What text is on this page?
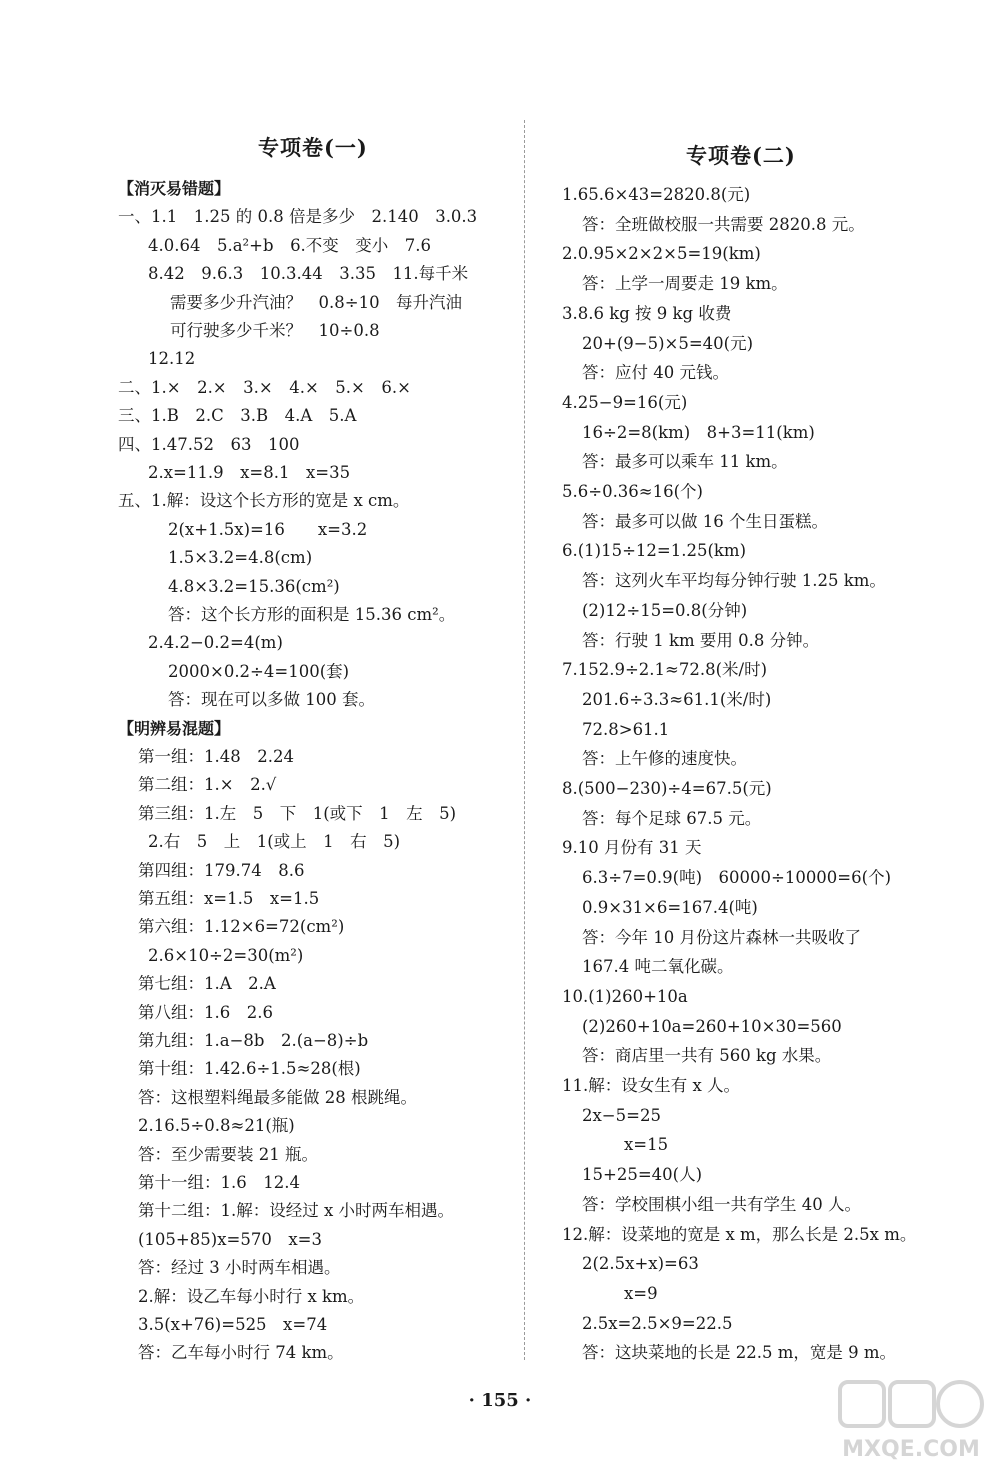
专项卷(一)
【消灭易错题】
一、1.1　1.25 的 0.8 倍是多少　2.140　3.0.3
4.0.64　5.a²+b　6.不变　变小　7.6
8.42　9.6.3　10.3.44　3.35　11.每千米
需要多少升汽油？　0.8÷10　每升汽油
可行驶多少千米？　10÷0.8
12.12
二、1.×　2.×　3.×　4.×　5.×　6.×
三、1.B　2.C　3.B　4.A　5.A
四、1.47.52　63　100
2.x=11.9　x=8.1　x=35
五、1.解：设这个长方形的宽是 x cm。
2(x+1.5x)=16　　x=3.2
1.5×3.2=4.8(cm)
4.8×3.2=15.36(cm²)
答：这个长方形的面积是 15.36 cm²。
2.4.2−0.2=4(m)
2000×0.2÷4=100(套)
答：现在可以多做 100 套。
【明辨易混题】
第一组：1.48　2.24
第二组：1.×　2.√
第三组：1.左　5　下　1(或下　1　左　5)
2.右　5　上　1(或上　1　右　5)
第四组：179.74　8.6
第五组：x=1.5　x=1.5
第六组：1.12×6=72(cm²)
2.6×10÷2=30(m²)
第七组：1.A　2.A
第八组：1.6　2.6
第九组：1.a−8b　2.(a−8)÷b
第十组：1.42.6÷1.5≈28(根)
答：这根塑料绳最多能做 28 根跳绳。
2.16.5÷0.8≈21(瓶)
答：至少需要装 21 瓶。
第十一组：1.6　12.4̇
第十二组：1.解：设经过 x 小时两车相遇。
(105+85)x=570　x=3
答：经过 3 小时两车相遇。
2.解：设乙车每小时行 x km。
3.5(x+76)=525　x=74
答：乙车每小时行 74 km。
专项卷(二)
1.65.6×43=2820.8(元)
答：全班做校服一共需要 2820.8 元。
2.0.95×2×2×5=19(km)
答：上学一周要走 19 km。
3.8.6 kg 按 9 kg 收费
20+(9−5)×5=40(元)
答：应付 40 元钱。
4.25−9=16(元)
16÷2=8(km)　8+3=11(km)
答：最多可以乘车 11 km。
5.6÷0.36≈16(个)
答：最多可以做 16 个生日蛋糕。
6.(1)15÷12=1.25(km)
答：这列火车平均每分钟行驶 1.25 km。
(2)12÷15=0.8(分钟)
答：行驶 1 km 要用 0.8 分钟。
7.152.9÷2.1≈72.8(米/时)
201.6÷3.3≈61.1(米/时)
72.8>61.1
答：上午修的速度快。
8.(500−230)÷4=67.5(元)
答：每个足球 67.5 元。
9.10 月份有 31 天
6.3÷7=0.9(吨)　60000÷10000=6(个)
0.9×31×6=167.4(吨)
答：今年 10 月份这片森林一共吸收了
167.4 吨二氧化碳。
10.(1)260+10a
(2)260+10a=260+10×30=560
答：商店里一共有 560 kg 水果。
11.解：设女生有 x 人。
2x−5=25
x=15
15+25=40(人)
答：学校围棋小组一共有学生 40 人。
12.解：设菜地的宽是 x m，那么长是 2.5x m。
2(2.5x+x)=63
x=9
2.5x=2.5×9=22.5
答：这块菜地的长是 22.5 m，宽是 9 m。
· 155 ·
MXQE.COM
